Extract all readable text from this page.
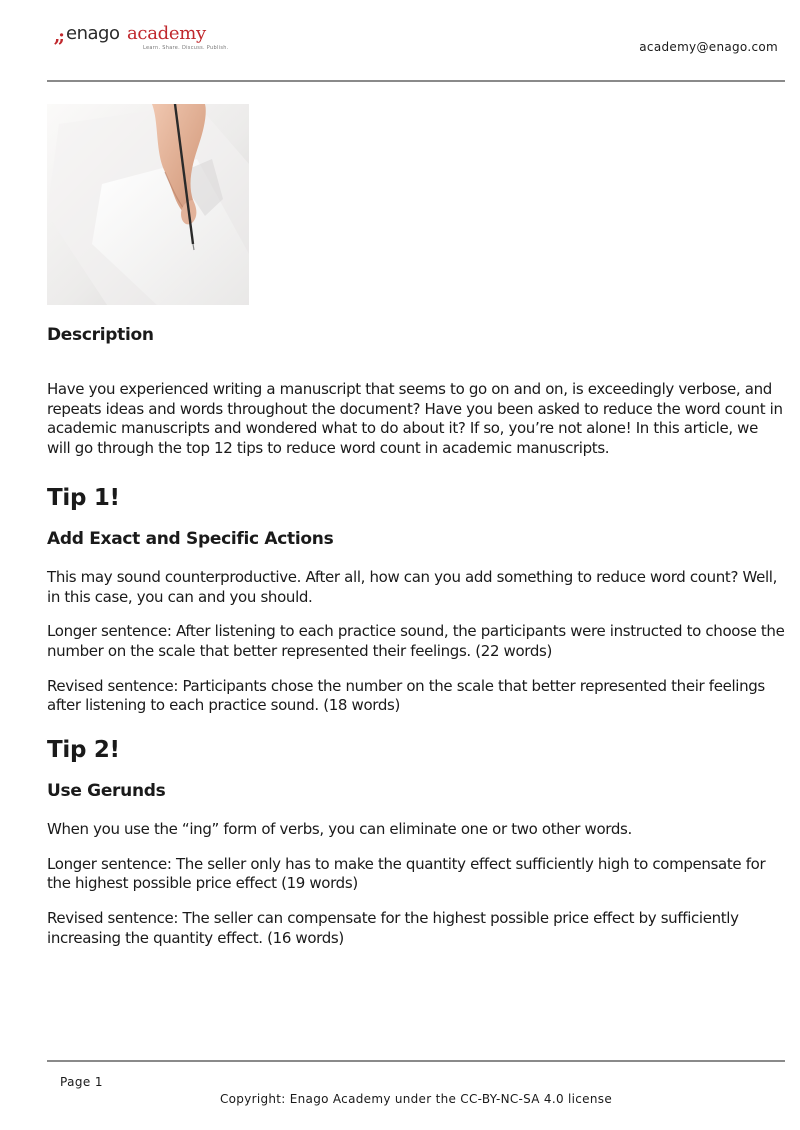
,; enago academy
Learn. Share. Discuss. Publish.	academy@enago.com
Description

Have you experienced writing a manuscript that seems to go on and on, is exceedingly verbose, and repeats ideas and words throughout the document? Have you been asked to reduce the word count in academic manuscripts and wondered what to do about it? If so, you’re not alone! In this article, we will go through the top 12 tips to reduce word count in academic manuscripts.

Tip 1!
Add Exact and Specific Actions

This may sound counterproductive. After all, how can you add something to reduce word count? Well, in this case, you can and you should.

Longer sentence: After listening to each practice sound, the participants were instructed to choose the number on the scale that better represented their feelings. (22 words)

Revised sentence: Participants chose the number on the scale that better represented their feelings after listening to each practice sound. (18 words)

Tip 2!
Use Gerunds

When you use the “ing” form of verbs, you can eliminate one or two other words.

Longer sentence: The seller only has to make the quantity effect sufficiently high to compensate for the highest possible price effect (19 words)

Revised sentence: The seller can compensate for the highest possible price effect by sufficiently increasing the quantity effect. (16 words)

Page 1
Copyright: Enago Academy under the CC-BY-NC-SA 4.0 license
